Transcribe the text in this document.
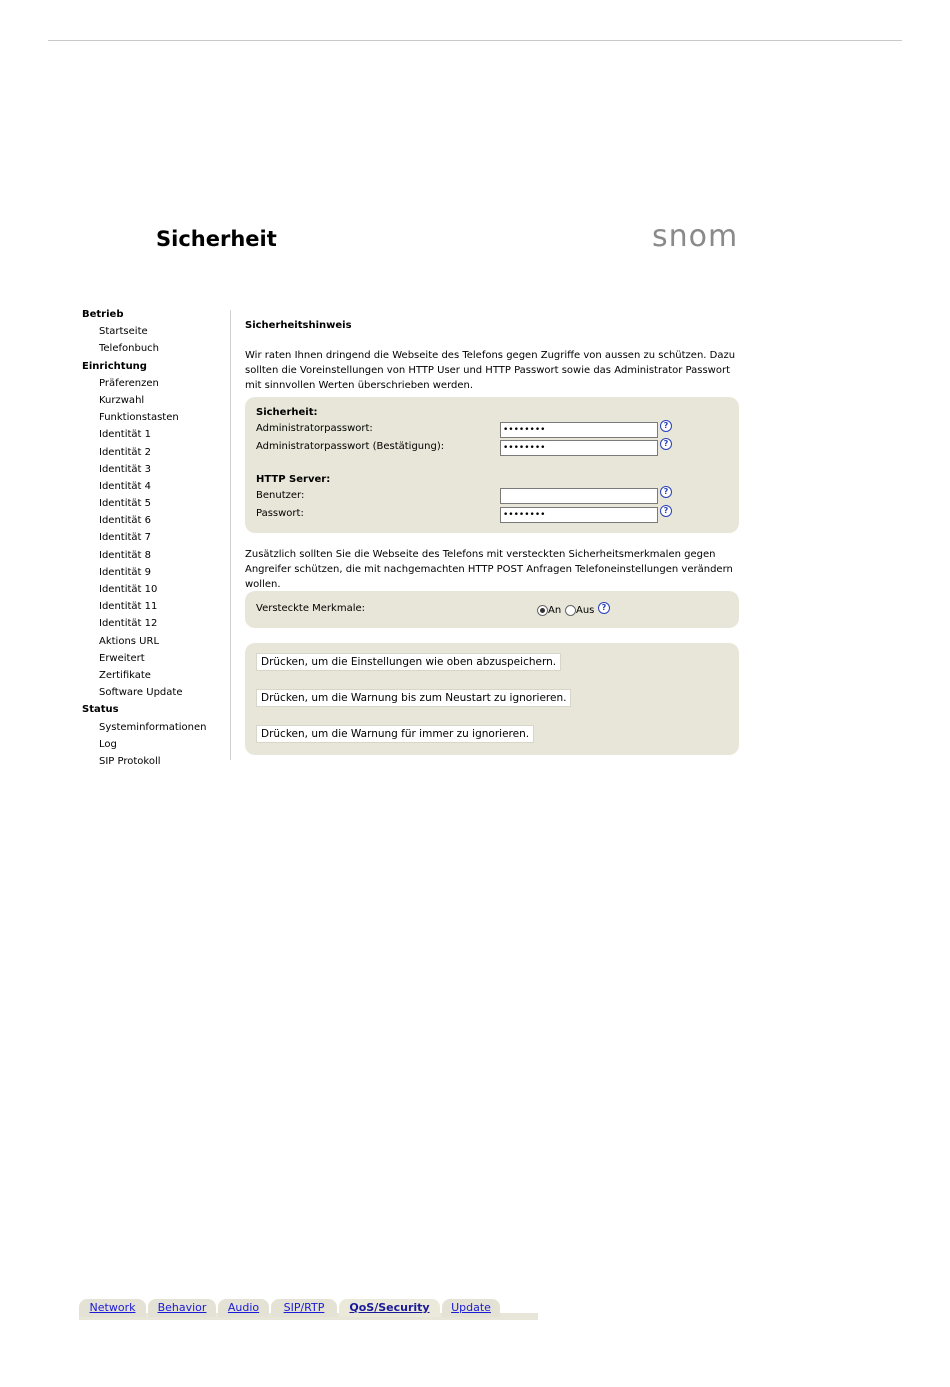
Sicherheit	snom
Betrieb
Startseite
Telefonbuch
Einrichtung
Präferenzen
Kurzwahl
Funktionstasten
Identität 1
Identität 2
Identität 3
Identität 4
Identität 5
Identität 6
Identität 7
Identität 8
Identität 9
Identität 10
Identität 11
Identität 12
Aktions URL
Erweitert
Zertifikate
Software Update
Status
Systeminformationen
Log
SIP Protokoll
Sicherheitshinweis

Wir raten Ihnen dringend die Webseite des Telefons gegen Zugriffe von aussen zu schützen. Dazu sollten die Voreinstellungen von HTTP User und HTTP Passwort sowie das Administrator Passwort mit sinnvollen Werten überschrieben werden.

Sicherheit:
Administratorpasswort:	••••••••	?
Administratorpasswort (Bestätigung):	••••••••	?
HTTP Server:
Benutzer:	?
Passwort:	••••••••	?

Zusätzlich sollten Sie die Webseite des Telefons mit versteckten Sicherheitsmerkmalen gegen Angreifer schützen, die mit nachgemachten HTTP POST Anfragen Telefoneinstellungen verändern wollen.

Versteckte Merkmale:	An Aus ?
Drücken, um die Einstellungen wie oben abzuspeichern.
Drücken, um die Warnung bis zum Neustart zu ignorieren.
Drücken, um die Warnung für immer zu ignorieren.
Network	Behavior	Audio	SIP/RTP	QoS/Security	Update
